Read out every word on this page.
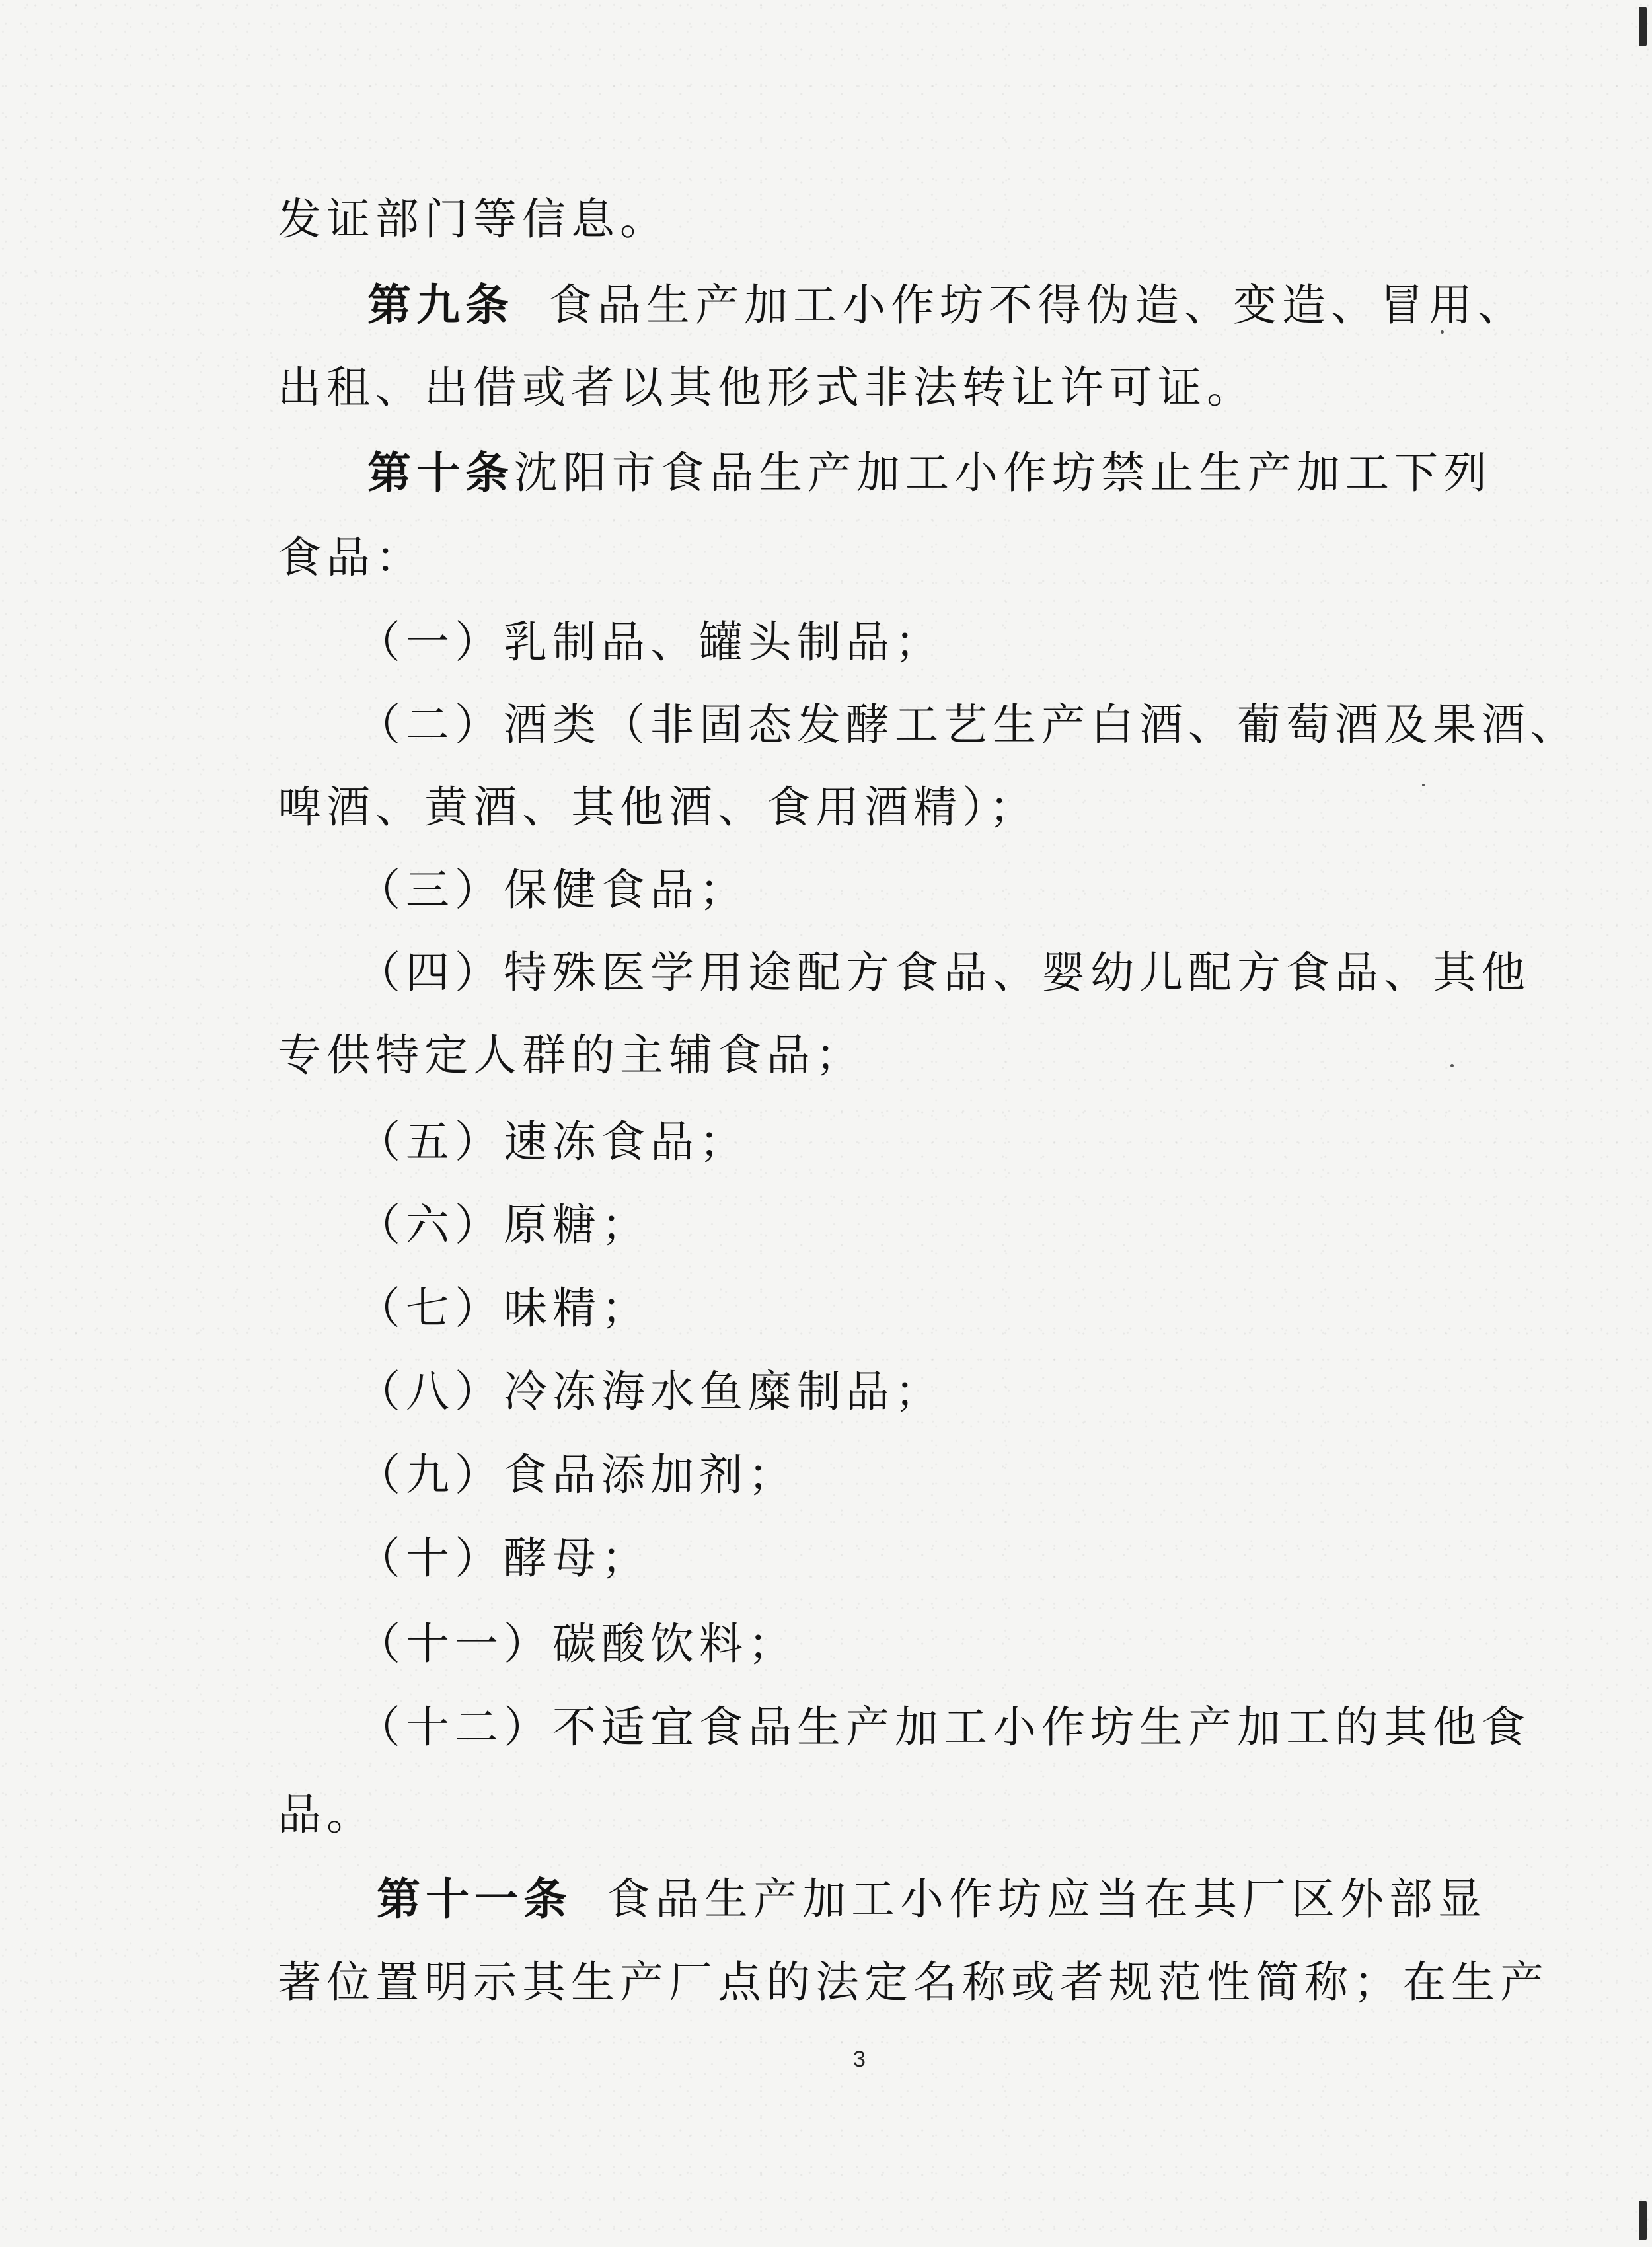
发证部门等信息。
第九条 食品生产加工小作坊不得伪造、变造、冒用、
出租、出借或者以其他形式非法转让许可证。
第十条沈阳市食品生产加工小作坊禁止生产加工下列
食品：
（一）乳制品、罐头制品；
（二）酒类（非固态发酵工艺生产白酒、葡萄酒及果酒、
啤酒、黄酒、其他酒、食用酒精）；
（三）保健食品；
（四）特殊医学用途配方食品、婴幼儿配方食品、其他
专供特定人群的主辅食品；
（五）速冻食品；
（六）原糖；
（七）味精；
（八）冷冻海水鱼糜制品；
（九）食品添加剂；
（十）酵母；
（十一）碳酸饮料；
（十二）不适宜食品生产加工小作坊生产加工的其他食
品。
第十一条 食品生产加工小作坊应当在其厂区外部显
著位置明示其生产厂点的法定名称或者规范性简称；在生产
3
